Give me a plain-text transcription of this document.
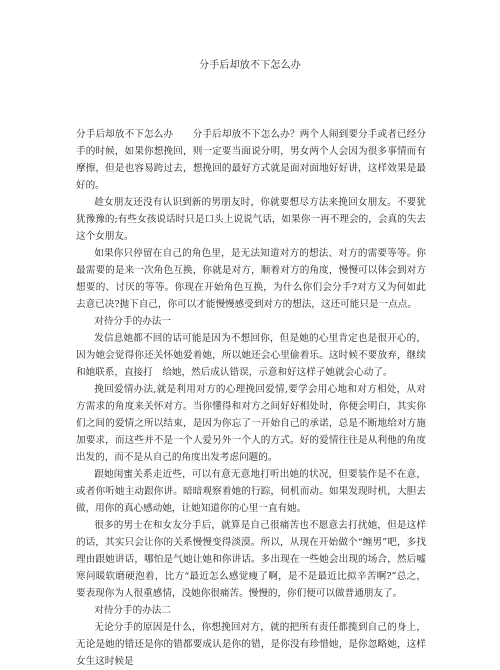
分手后却放不下怎么办

分手后却放不下怎么办　　分手后却放不下怎么办？两个人闹到要分手或者已经分手的时候，如果你想挽回，则一定要当面说分明，男女两个人会因为很多事情而有摩擦，但是也容易跨过去，想挽回的最好方式就是面对面地好好讲，这样效果是最好的。

趁女朋友还没有认识到新的男朋友时，你就要想尽方法来挽回女朋友。不要犹犹豫豫的;有些女孩说话时只是口头上说说气话，如果你一再不理会的，会真的失去这个女朋友。

如果你只停留在自己的角色里，是无法知道对方的想法、对方的需要等等。你最需要的是来一次角色互换，你就是对方，顺着对方的角度，慢慢可以体会到对方想要的、讨厌的等等。你现在开始角色互换，为什么你们会分手?对方又为何如此去意已决?抛下自己，你可以才能慢慢感受到对方的想法，这还可能只是一点点。

对待分手的办法一

发信息她都不回的话可能是因为不想回你，但是她的心里肯定也是很开心的，因为她会觉得你还关怀她爱着她，所以她还会心里偷着乐。这时候不要放弃，继续和她联系，直接打　给她，然后成认错误，示意和好这样子她就会心动了。

挽回爱情办法,就是利用对方的心理挽回爱情,要学会用心地和对方相处，从对方需求的角度来关怀对方。当你懂得和对方之间好好相处时，你便会明白，其实你们之间的爱情之所以结束，是因为你忘了一开始自己的承诺，总是不断地给对方施加要求，而这些并不是一个人爱另外一个人的方式。好的爱情往往是从利他的角度出发的，而不是从自己的角度出发考虑问题的。

跟她闺蜜关系走近些，可以有意无意地打听出她的状况，但要装作是不在意，或者你听她主动跟你讲。暗暗观察着她的行踪，伺机而动。如果发现时机，大胆去做，用你的真心感动她，让她知道你的心里一直有她。

很多的男士在和女友分手后，就算是自己很痛苦也不愿意去打扰她，但是这样的话，其实只会让你的关系慢慢变得淡漠。所以，从现在开始做个“缠男”吧，多找理由跟她讲话，哪怕是气她让她和你讲话。多出现在一些她会出现的场合，然后嘘寒问暖软磨硬泡着，比方“最近怎么感觉瘦了啊，是不是最近比拟辛苦啊?”总之，要表现你为人很重感情，没她你很痛苦。慢慢的，你们便可以做普通朋友了。

对待分手的办法二

无论分手的原因是什么，你想挽回对方，就的把所有责任都揽到自己的身上，无论是她的错还是你的错都要成认是你的错，是你没有珍惜她，是你忽略她，这样女生这时候是
